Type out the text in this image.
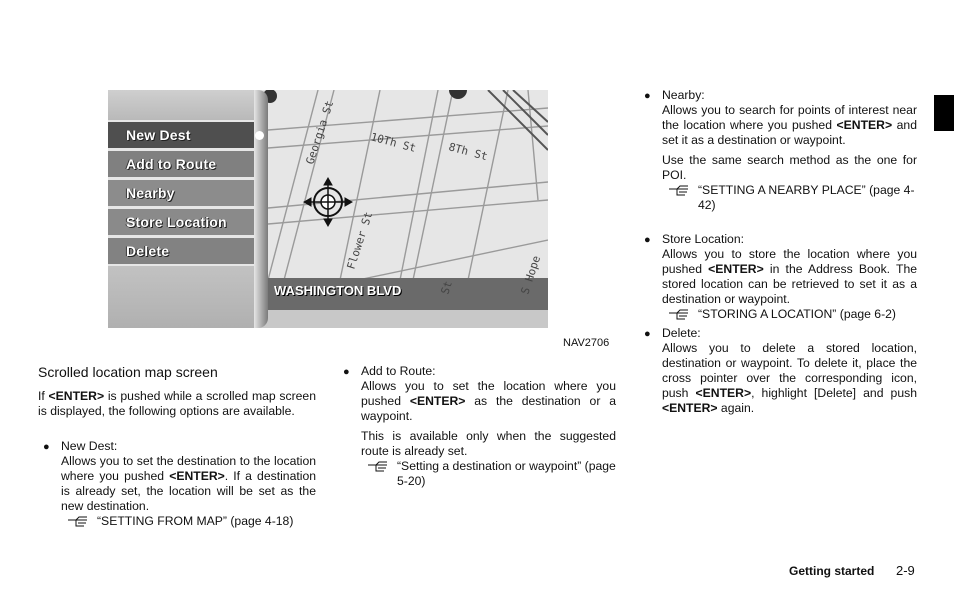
10Th St	8Th St
Georgia St
Flower St
S Hope
St
New Dest
Add to Route
Nearby
Store Location
Delete
WASHINGTON BLVD
NAV2706
Scrolled location map screen

If <ENTER> is pushed while a scrolled map screen is displayed, the following options are available.

● New Dest:

Allows you to set the destination to the location where you pushed <ENTER>. If a destination is already set, the location will be set as the new destination.

“SETTING FROM MAP” (page 4-18)
● Add to Route:

Allows you to set the location where you pushed <ENTER> as the destination or a waypoint.

This is available only when the suggested route is already set.

“Setting a destination or waypoint” (page 5-20)
● Nearby:

Allows you to search for points of interest near the location where you pushed <ENTER> and set it as a destination or waypoint.

Use the same search method as the one for POI.

“SETTING A NEARBY PLACE” (page 4-42)
● Store Location:

Allows you to store the location where you pushed <ENTER> in the Address Book. The stored location can be retrieved to set it as a destination or waypoint.

“STORING A LOCATION” (page 6-2)
● Delete:

Allows you to delete a stored location, destination or waypoint. To delete it, place the cross pointer over the corresponding icon, push <ENTER>, highlight [Delete] and push <ENTER> again.

Getting started 2-9
